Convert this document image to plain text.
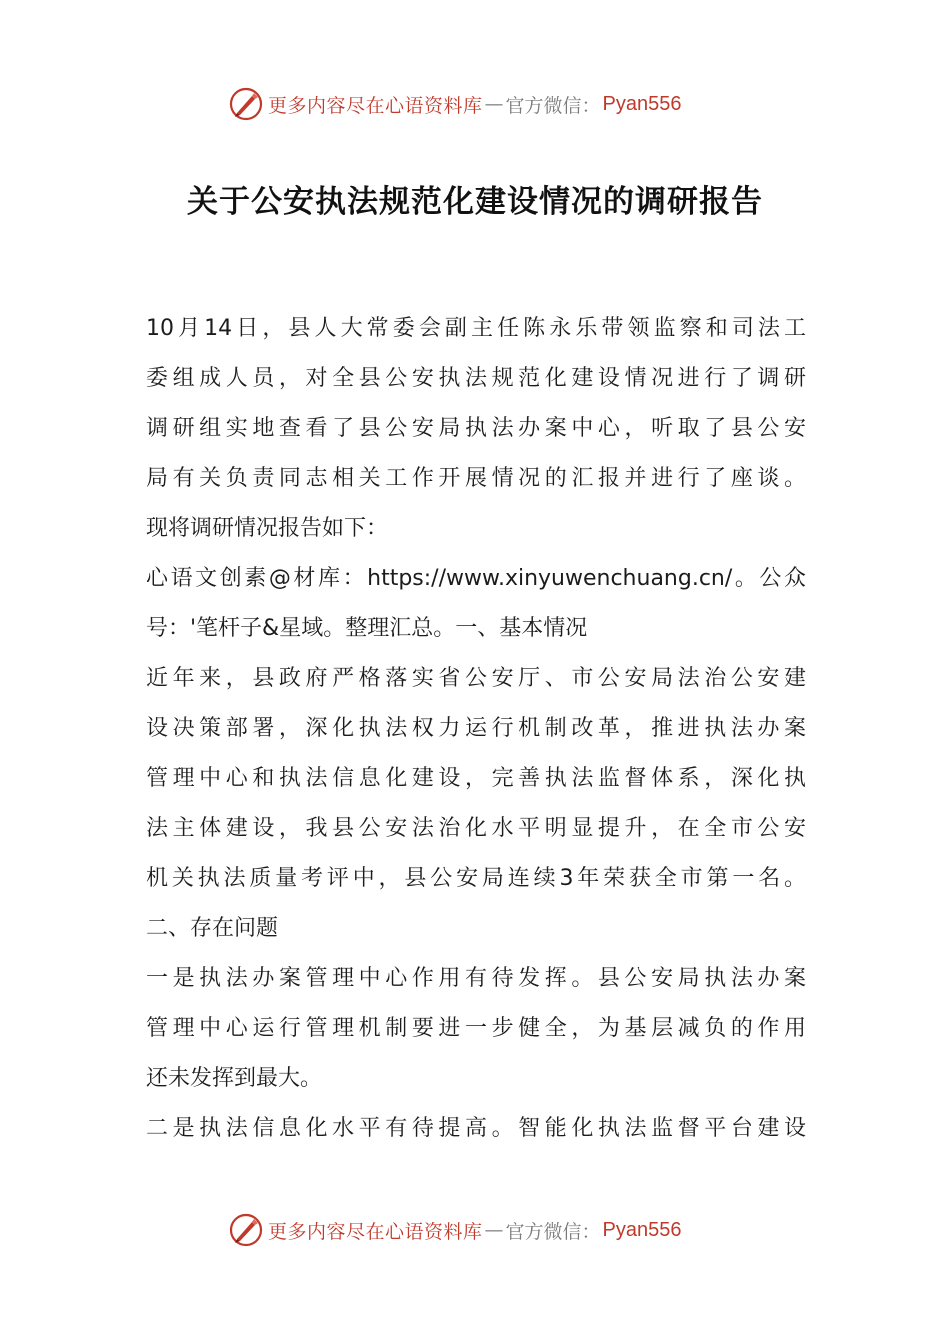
更多内容尽在心语资料库 — 官方微信： Pyan556
关于公安执法规范化建设情况的调研报告
10月14日，县人大常委会副主任陈永乐带领监察和司法工
委组成人员，对全县公安执法规范化建设情况进行了调研
调研组实地查看了县公安局执法办案中心，听取了县公安
局有关负责同志相关工作开展情况的汇报并进行了座谈。
现将调研情况报告如下：
心语文创素@材库：https://www.xinyuwenchuang.cn/。公众
号：'笔杆子&星域。整理汇总。一、基本情况
近年来，县政府严格落实省公安厅、市公安局法治公安建
设决策部署，深化执法权力运行机制改革，推进执法办案
管理中心和执法信息化建设，完善执法监督体系，深化执
法主体建设，我县公安法治化水平明显提升，在全市公安
机关执法质量考评中，县公安局连续3年荣获全市第一名。
二、存在问题
一是执法办案管理中心作用有待发挥。县公安局执法办案
管理中心运行管理机制要进一步健全，为基层减负的作用
还未发挥到最大。
二是执法信息化水平有待提高。智能化执法监督平台建设
更多内容尽在心语资料库 — 官方微信： Pyan556
